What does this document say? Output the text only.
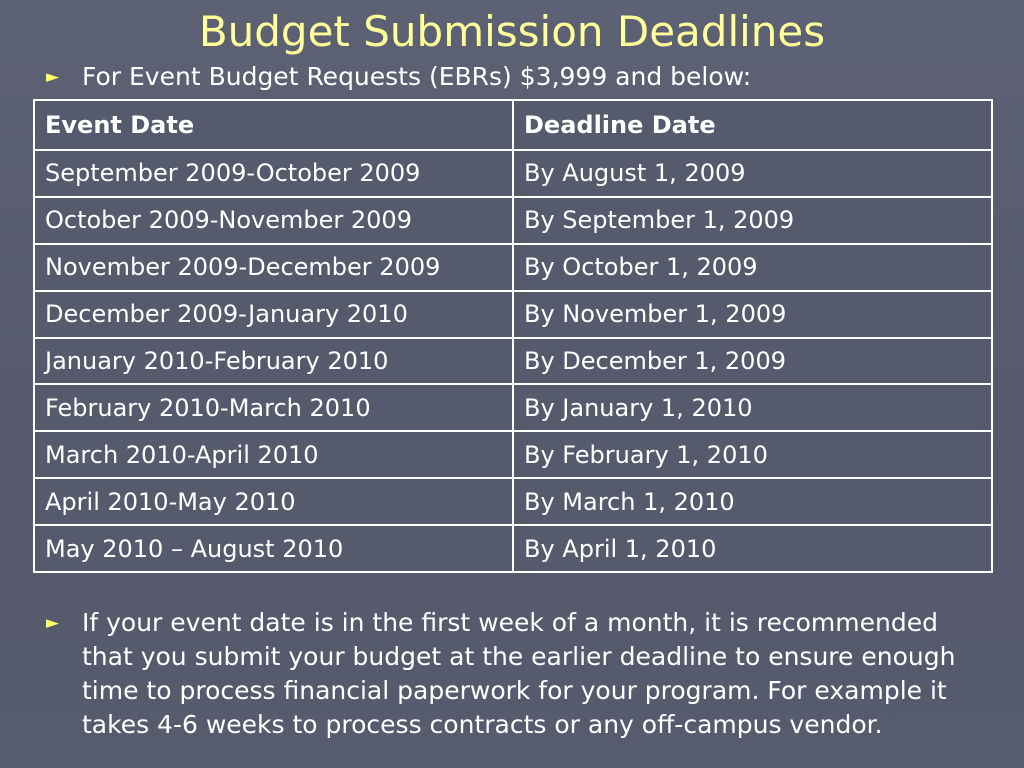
Budget Submission Deadlines
► For Event Budget Requests (EBRs) $3,999 and below:
Event Date	Deadline Date
September 2009-October 2009	By August 1, 2009
October 2009-November 2009	By September 1, 2009
November 2009-December 2009	By October 1, 2009
December 2009-January 2010	By November 1, 2009
January 2010-February 2010	By December 1, 2009
February 2010-March 2010	By January 1, 2010
March 2010-April 2010	By February 1, 2010
April 2010-May 2010	By March 1, 2010
May 2010 – August 2010	By April 1, 2010
► If your event date is in the first week of a month, it is recommended that you submit your budget at the earlier deadline to ensure enough time to process financial paperwork for your program. For example it takes 4-6 weeks to process contracts or any off-campus vendor.
